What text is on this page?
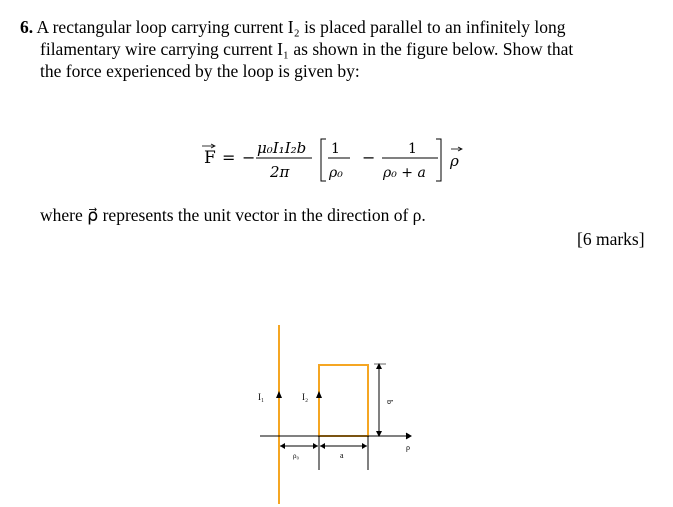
6. A rectangular loop carrying current I₂ is placed parallel to an infinitely long
filamentary wire carrying current I₁ as shown in the figure below. Show that
the force experienced by the loop is given by:
F = − μ₀I₁I₂b
2π
1
ρ₀
− 1
ρ₀ + a
ρ
where ρ⃗ represents the unit vector in the direction of ρ.
[6 marks]
I₁	I₂
ρ₀	a
b
ρ
